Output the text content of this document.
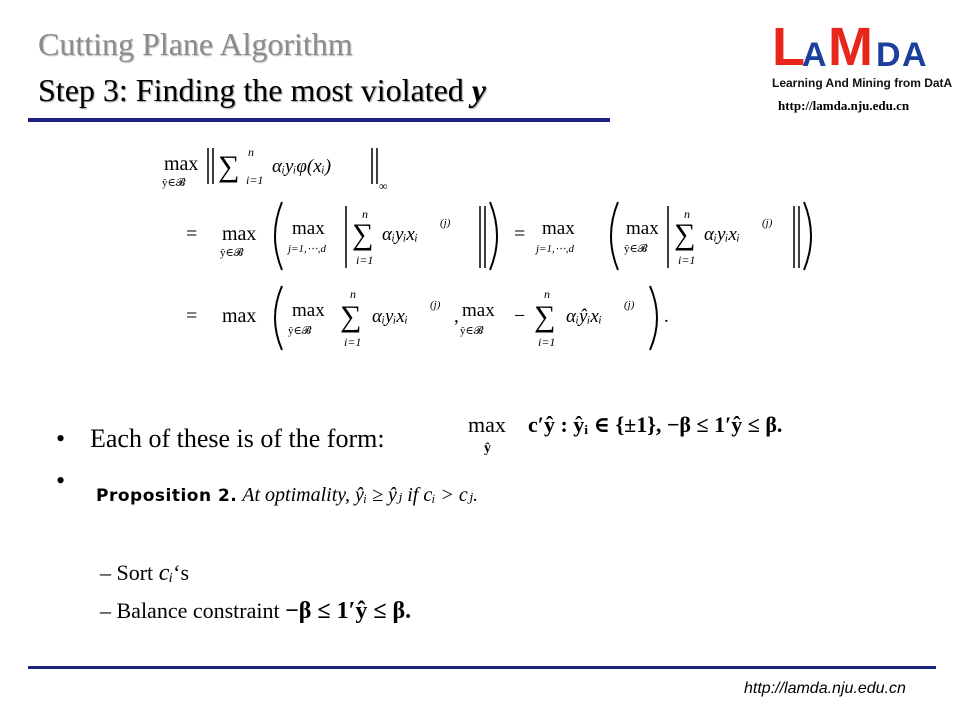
Cutting Plane Algorithm
Step 3: Finding the most violated y
L
A M D A
Learning And Mining from DatA
http://lamda.nju.edu.cn
max
ŷ∈𝓑 ∑ n
i=1
αᵢyᵢφ(xᵢ)
∞
= max
ŷ∈𝓑
max
j=1,⋯,d ∑
n
i=1
αᵢyᵢxᵢ
(j)	= max
j=1,⋯,d
max
ŷ∈𝓑 ∑
n
i=1
αᵢyᵢxᵢ
(j)
= max max
ŷ∈𝓑 ∑
n
i=1
αᵢyᵢxᵢ
(j)
, max
ŷ∈𝓑
− ∑
n
i=1
αᵢŷᵢxᵢ
(j)
.
• Each of these is of the form:	max
ŷ
c′ŷ : ŷᵢ ∈ {±1}, −β ≤ 1′ŷ ≤ β.
•
Proposition 2. At optimality, ŷᵢ ≥ ŷⱼ if cᵢ > cⱼ.
– Sort cᵢ‘s
– Balance constraint −β ≤ 1′ŷ ≤ β.
http://lamda.nju.edu.cn
